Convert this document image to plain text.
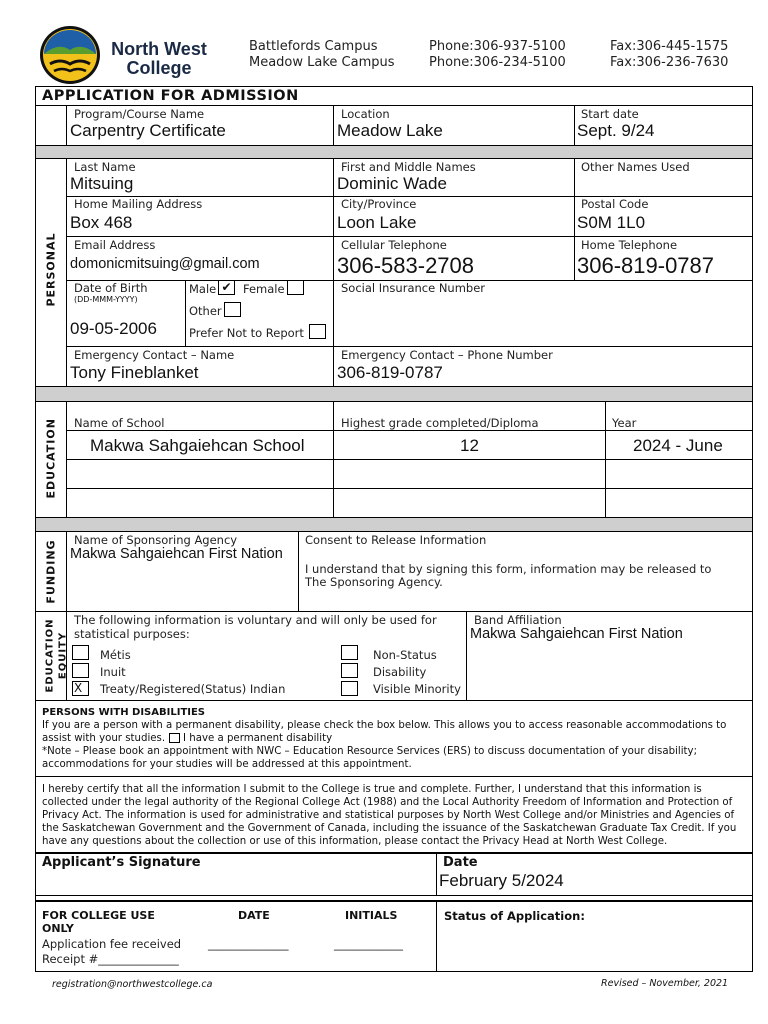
North West
College
Battlefords Campus
Meadow Lake Campus
Phone:306-937-5100
Phone:306-234-5100
Fax:306-445-1575
Fax:306-236-7630
APPLICATION FOR ADMISSION
Program/Course Name
Carpentry Certificate
Location
Meadow Lake
Start date
Sept. 9/24
PERSONAL
Last Name
Mitsuing
First and Middle Names
Dominic Wade
Other Names Used
Home Mailing Address
Box 468
City/Province
Loon Lake
Postal Code
S0M 1L0
Email Address
domonicmitsuing@gmail.com
Cellular Telephone
306-583-2708
Home Telephone
306-819-0787
Date of Birth
(DD-MMM-YYYY)
09-05-2006
Male ✔ Female
Other
Prefer Not to Report
Social Insurance Number
Emergency Contact – Name
Tony Fineblanket
Emergency Contact – Phone Number
306-819-0787
EDUCATION Name of School	Highest grade completed/Diploma	Year
Makwa Sahgaiehcan School	12	2024 - June
FUNDING Name of Sponsoring Agency
Makwa Sahgaiehcan First Nation
Consent to Release Information
I understand that by signing this form, information may be released to
The Sponsoring Agency.
EDUCATION EQUITY
The following information is voluntary and will only be used for
statistical purposes:
Métis
Inuit
X	Treaty/Registered(Status) Indian
Non-Status
Disability
Visible Minority
Band Affiliation
Makwa Sahgaiehcan First Nation
PERSONS WITH DISABILITIES
If you are a person with a permanent disability, please check the box below. This allows you to access reasonable accommodations to
assist with your studies. I have a permanent disability
*Note – Please book an appointment with NWC – Education Resource Services (ERS) to discuss documentation of your disability;
accommodations for your studies will be addressed at this appointment.
I hereby certify that all the information I submit to the College is true and complete. Further, I understand that this information is
collected under the legal authority of the Regional College Act (1988) and the Local Authority Freedom of Information and Protection of
Privacy Act. The information is used for administrative and statistical purposes by North West College and/or Ministries and Agencies of
the Saskatchewan Government and the Government of Canada, including the issuance of the Saskatchewan Graduate Tax Credit. If you
have any questions about the collection or use of this information, please contact the Privacy Head at North West College.
Applicant’s Signature	Date
February 5/2024
FOR COLLEGE USE
ONLY
DATE	INITIALS
Application fee received ______________	____________
Receipt #______________
Status of Application:
registration@northwestcollege.ca	Revised – November, 2021
